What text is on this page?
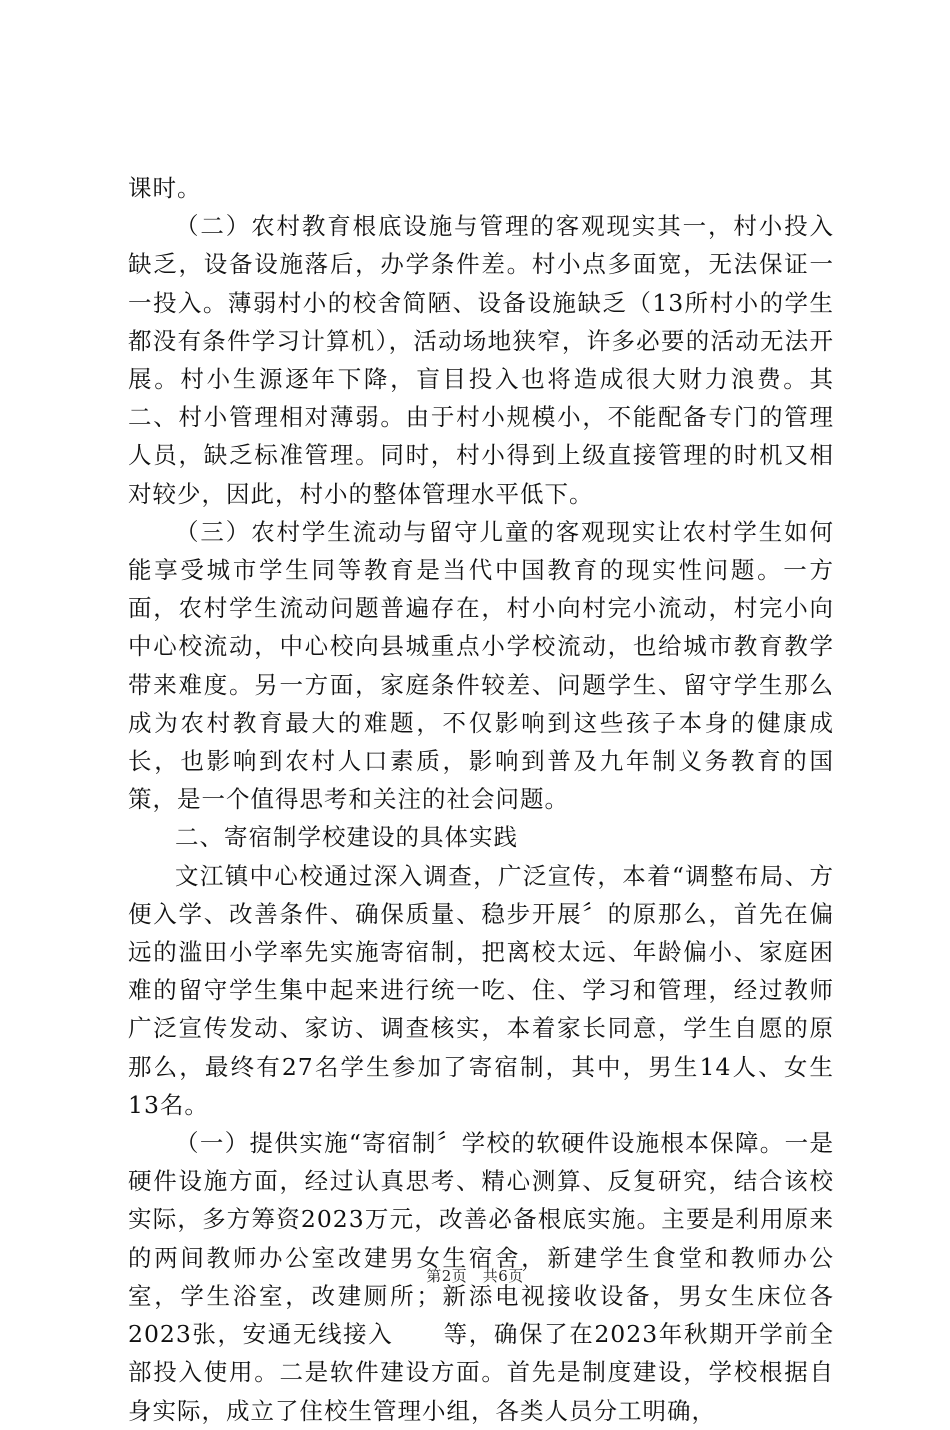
课时。

（二）农村教育根底设施与管理的客观现实其一，村小投入缺乏，设备设施落后，办学条件差。村小点多面宽，无法保证一一投入。薄弱村小的校舍简陋、设备设施缺乏（13所村小的学生都没有条件学习计算机），活动场地狭窄，许多必要的活动无法开展。村小生源逐年下降，盲目投入也将造成很大财力浪费。其二、村小管理相对薄弱。由于村小规模小，不能配备专门的管理人员，缺乏标准管理。同时，村小得到上级直接管理的时机又相对较少，因此，村小的整体管理水平低下。

（三）农村学生流动与留守儿童的客观现实让农村学生如何能享受城市学生同等教育是当代中国教育的现实性问题。一方面，农村学生流动问题普遍存在，村小向村完小流动，村完小向中心校流动，中心校向县城重点小学校流动，也给城市教育教学带来难度。另一方面，家庭条件较差、问题学生、留守学生那么成为农村教育最大的难题，不仅影响到这些孩子本身的健康成长，也影响到农村人口素质，影响到普及九年制义务教育的国策，是一个值得思考和关注的社会问题。

二、寄宿制学校建设的具体实践

文江镇中心校通过深入调查，广泛宣传，本着“调整布局、方便入学、改善条件、确保质量、稳步开展〞的原那么，首先在偏远的滥田小学率先实施寄宿制，把离校太远、年龄偏小、家庭困难的留守学生集中起来进行统一吃、住、学习和管理，经过教师广泛宣传发动、家访、调查核实，本着家长同意，学生自愿的原那么，最终有27名学生参加了寄宿制，其中，男生14人、女生13名。

（一）提供实施“寄宿制〞学校的软硬件设施根本保障。一是硬件设施方面，经过认真思考、精心测算、反复研究，结合该校实际，多方筹资2023万元，改善必备根底实施。主要是利用原来的两间教师办公室改建男女生宿舍，新建学生食堂和教师办公室，学生浴室，改建厕所；新添电视接收设备，男女生床位各2023张，安通无线接入　　等，确保了在2023年秋期开学前全部投入使用。二是软件建设方面。首先是制度建设，学校根据自身实际，成立了住校生管理小组，各类人员分工明确，

第2页　共6页
